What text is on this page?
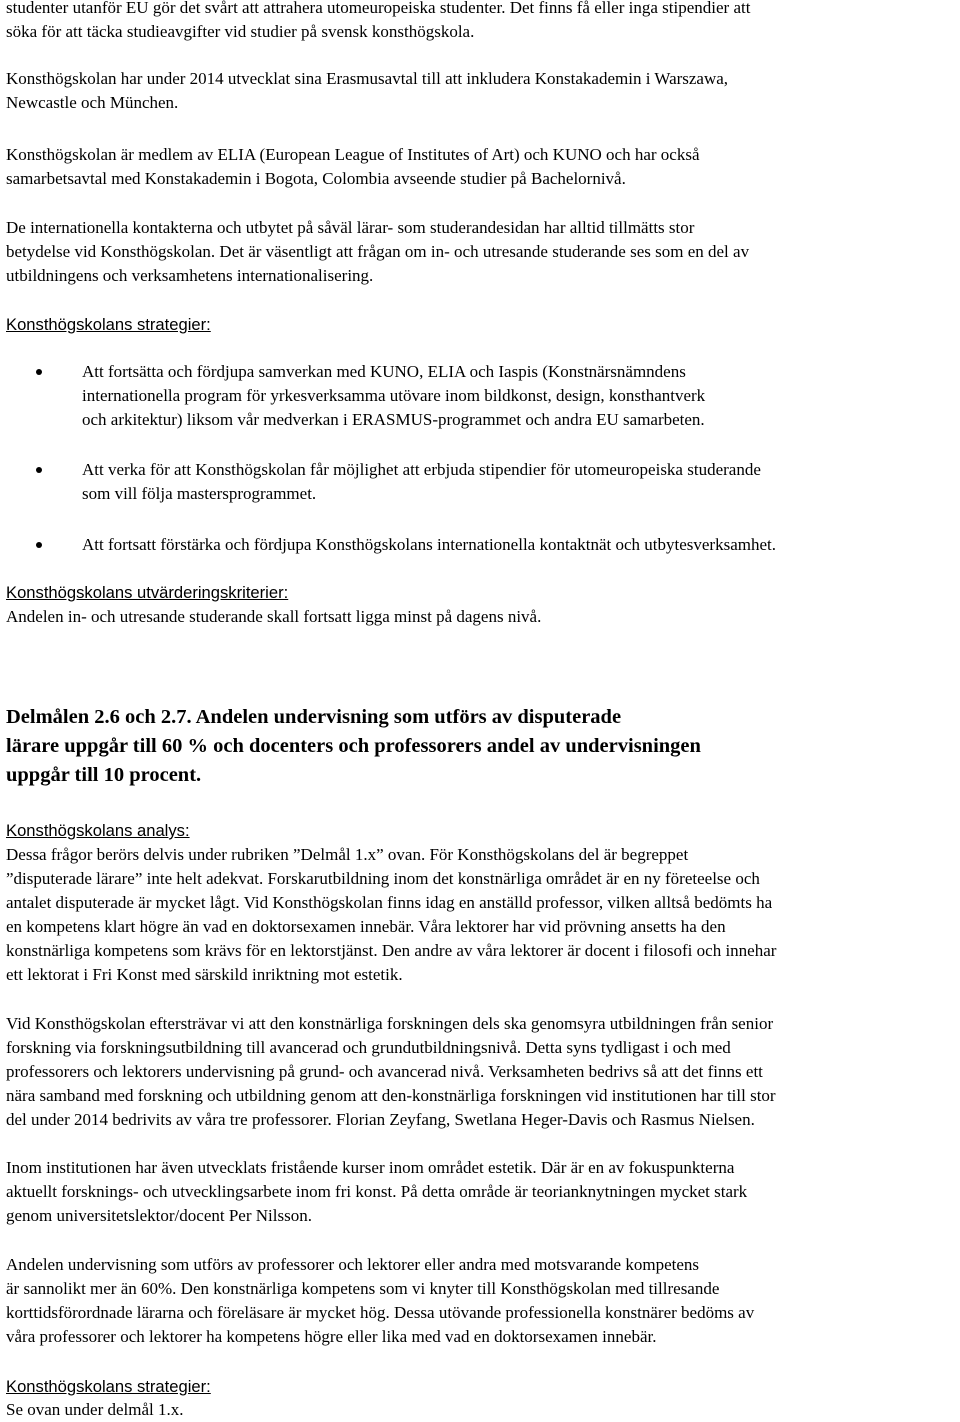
studenter utanför EU gör det svårt att attrahera utomeuropeiska studenter. Det finns få eller inga stipendier att
söka för att täcka studieavgifter vid studier på svensk konsthögskola.
Konsthögskolan har under 2014 utvecklat sina Erasmusavtal till att inkludera Konstakademin i Warszawa,
Newcastle och München.
Konsthögskolan är medlem av ELIA (European League of Institutes of Art) och KUNO och har också
samarbetsavtal med Konstakademin i Bogota, Colombia avseende studier på Bachelornivå.
De internationella kontakterna och utbytet på såväl lärar- som studerandesidan har alltid tillmätts stor
betydelse vid Konsthögskolan. Det är väsentligt att frågan om in- och utresande studerande ses som en del av
utbildningens och verksamhetens internationalisering.
Konsthögskolans strategier:
Att fortsätta och fördjupa samverkan med KUNO, ELIA och Iaspis (Konstnärsnämndens
internationella program för yrkesverksamma utövare inom bildkonst, design, konsthantverk
och arkitektur) liksom vår medverkan i ERASMUS-programmet och andra EU samarbeten.
Att verka för att Konsthögskolan får möjlighet att erbjuda stipendier för utomeuropeiska studerande
som vill följa mastersprogrammet.
Att fortsatt förstärka och fördjupa Konsthögskolans internationella kontaktnät och utbytesverksamhet.
Konsthögskolans utvärderingskriterier:
Andelen in- och utresande studerande skall fortsatt ligga minst på dagens nivå.
Delmålen 2.6 och 2.7. Andelen undervisning som utförs av disputerade
lärare uppgår till 60 % och docenters och professorers andel av undervisningen
uppgår till 10 procent.
Konsthögskolans analys:
Dessa frågor berörs delvis under rubriken ”Delmål 1.x” ovan. För Konsthögskolans del är begreppet
”disputerade lärare” inte helt adekvat. Forskarutbildning inom det konstnärliga området är en ny företeelse och
antalet disputerade är mycket lågt. Vid Konsthögskolan finns idag en anställd professor, vilken alltså bedömts ha
en kompetens klart högre än vad en doktorsexamen innebär. Våra lektorer har vid prövning ansetts ha den
konstnärliga kompetens som krävs för en lektorstjänst. Den andre av våra lektorer är docent i filosofi och innehar
ett lektorat i Fri Konst med särskild inriktning mot estetik.
Vid Konsthögskolan eftersträvar vi att den konstnärliga forskningen dels ska genomsyra utbildningen från senior
forskning via forskningsutbildning till avancerad och grundutbildningsnivå. Detta syns tydligast i och med
professorers och lektorers undervisning på grund- och avancerad nivå. Verksamheten bedrivs så att det finns ett
nära samband med forskning och utbildning genom att den-konstnärliga forskningen vid institutionen har till stor
del under 2014 bedrivits av våra tre professorer. Florian Zeyfang, Swetlana Heger-Davis och Rasmus Nielsen.
Inom institutionen har även utvecklats fristående kurser inom området estetik. Där är en av fokuspunkterna
aktuellt forsknings- och utvecklingsarbete inom fri konst. På detta område är teorianknytningen mycket stark
genom universitetslektor/docent Per Nilsson.
Andelen undervisning som utförs av professorer och lektorer eller andra med motsvarande kompetens
är sannolikt mer än 60%. Den konstnärliga kompetens som vi knyter till Konsthögskolan med tillresande
korttidsförordnade lärarna och föreläsare är mycket hög. Dessa utövande professionella konstnärer bedöms av
våra professorer och lektorer ha kompetens högre eller lika med vad en doktorsexamen innebär.
Konsthögskolans strategier:
Se ovan under delmål 1.x.
